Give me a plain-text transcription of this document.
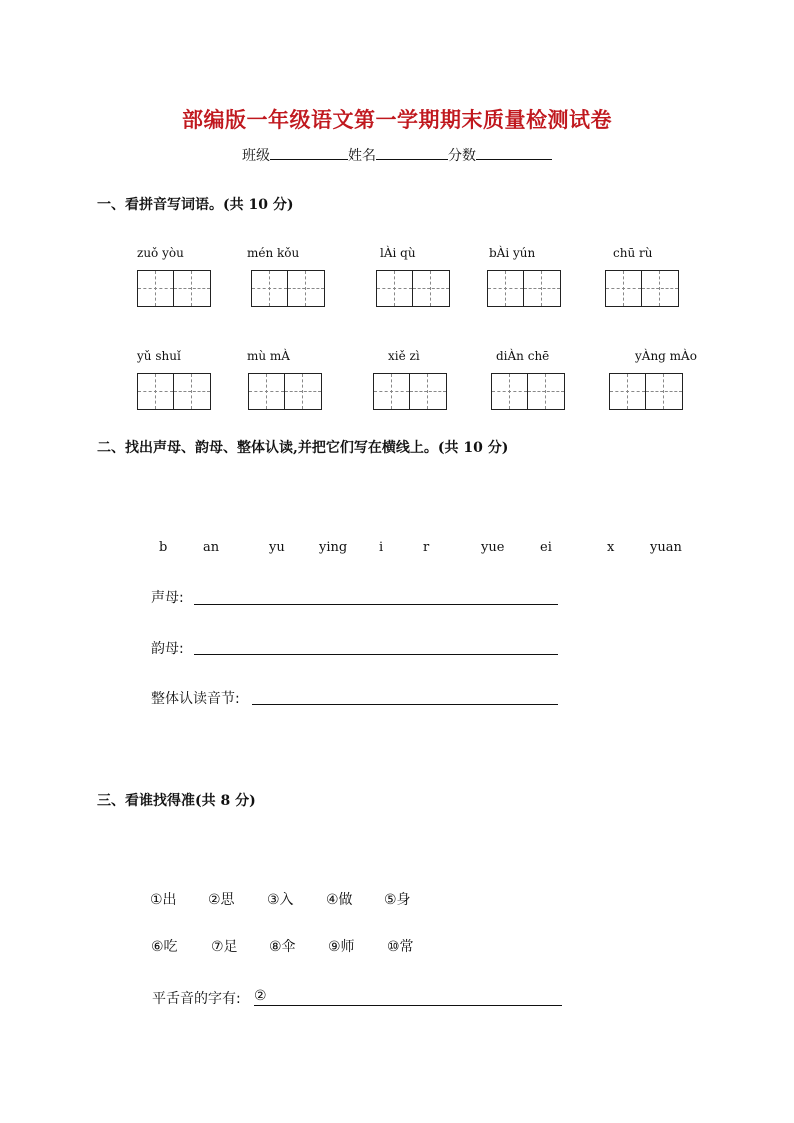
部编版一年级语文第一学期期末质量检测试卷
班级	姓名	分数
一、看拼音写词语。(共 10 分)
zuǒ yòu	mén kǒu	lÀi qù	bÀi yún	chū rù
yǔ shuǐ	mù mÀ	xiě zì	diÀn chē	yÀng mÀo
二、找出声母、韵母、整体认读,并把它们写在横线上。(共 10 分)
b	an	yu	ying i	r	yue	ei	x	yuan
声母:
韵母:
整体认读音节:
三、看谁找得准(共 8 分)
①出 ②思 ③入 ④做 ⑤身
⑥吃 ⑦足 ⑧伞 ⑨师 ⑩常
平舌音的字有: ②
